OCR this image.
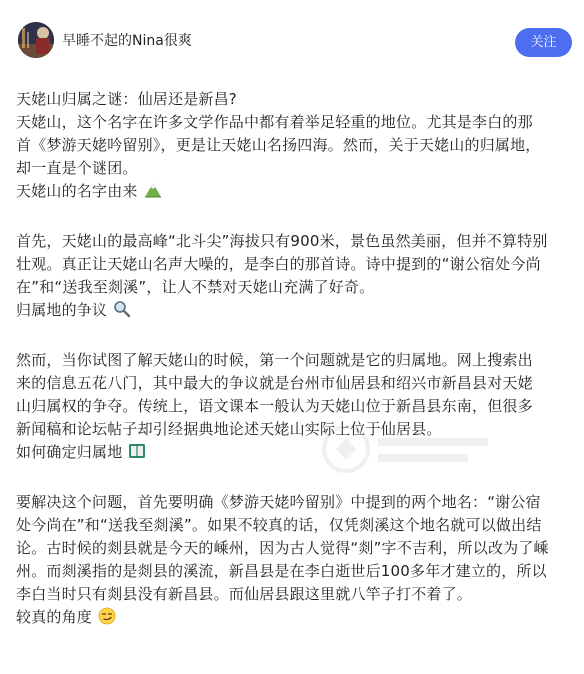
早睡不起的Nina很爽	关注
天姥山归属之谜：仙居还是新昌?
天姥山，这个名字在许多文学作品中都有着举足轻重的地位。尤其是李白的那
首《梦游天姥吟留别》，更是让天姥山名扬四海。然而，关于天姥山的归属地，
却一直是个谜团。
天姥山的名字由来
首先，天姥山的最高峰“北斗尖”海拔只有900米，景色虽然美丽，但并不算特别
壮观。真正让天姥山名声大噪的，是李白的那首诗。诗中提到的“谢公宿处今尚
在”和“送我至剡溪”，让人不禁对天姥山充满了好奇。
归属地的争议
然而，当你试图了解天姥山的时候，第一个问题就是它的归属地。网上搜索出
来的信息五花八门，其中最大的争议就是台州市仙居县和绍兴市新昌县对天姥
山归属权的争夺。传统上，语文课本一般认为天姥山位于新昌县东南，但很多
新闻稿和论坛帖子却引经据典地论述天姥山实际上位于仙居县。
如何确定归属地
要解决这个问题，首先要明确《梦游天姥吟留别》中提到的两个地名：“谢公宿
处今尚在”和“送我至剡溪”。如果不较真的话，仅凭剡溪这个地名就可以做出结
论。古时候的剡县就是今天的嵊州，因为古人觉得“剡”字不吉利，所以改为了嵊
州。而剡溪指的是剡县的溪流，新昌县是在李白逝世后100多年才建立的，所以
李白当时只有剡县没有新昌县。而仙居县跟这里就八竿子打不着了。
较真的角度
